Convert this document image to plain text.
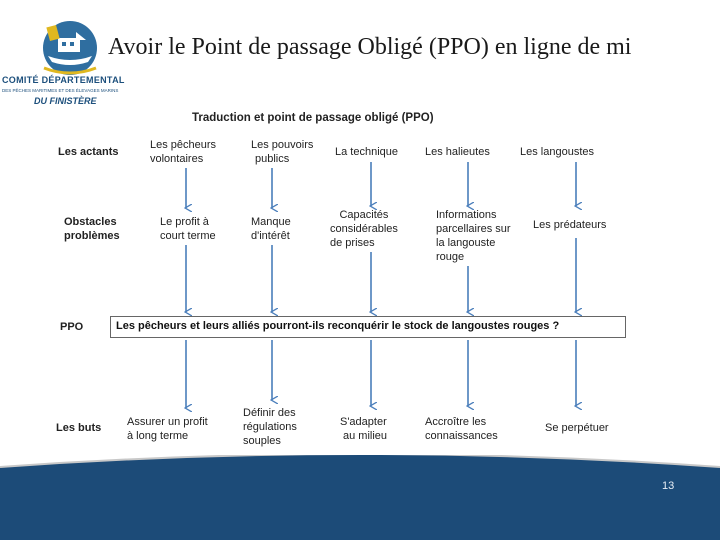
COMITÉ DÉPARTEMENTAL
DES PÊCHES MARITIMES ET DES ÉLEVAGES MARINS
DU FINISTÈRE
Avoir le Point de passage Obligé (PPO) en ligne de mi
Traduction et point de passage obligé (PPO)
Les actants
Obstacles
problèmes
PPO
Les buts
Les pêcheurs
volontaires
Les pouvoirs
publics
La technique Les halieutes	Les langoustes
Le profit à
court terme
Manque
d'intérêt
Capacités
considérables
de prises
Informations
parcellaires sur
la langouste
rouge
Les prédateurs
Les pêcheurs et leurs alliés pourront-ils reconquérir le stock de langoustes rouges ?
Assurer un profit
à long terme
Définir des
régulations
souples
S'adapter
au milieu
Accroître les
connaissances
Se perpétuer
13
